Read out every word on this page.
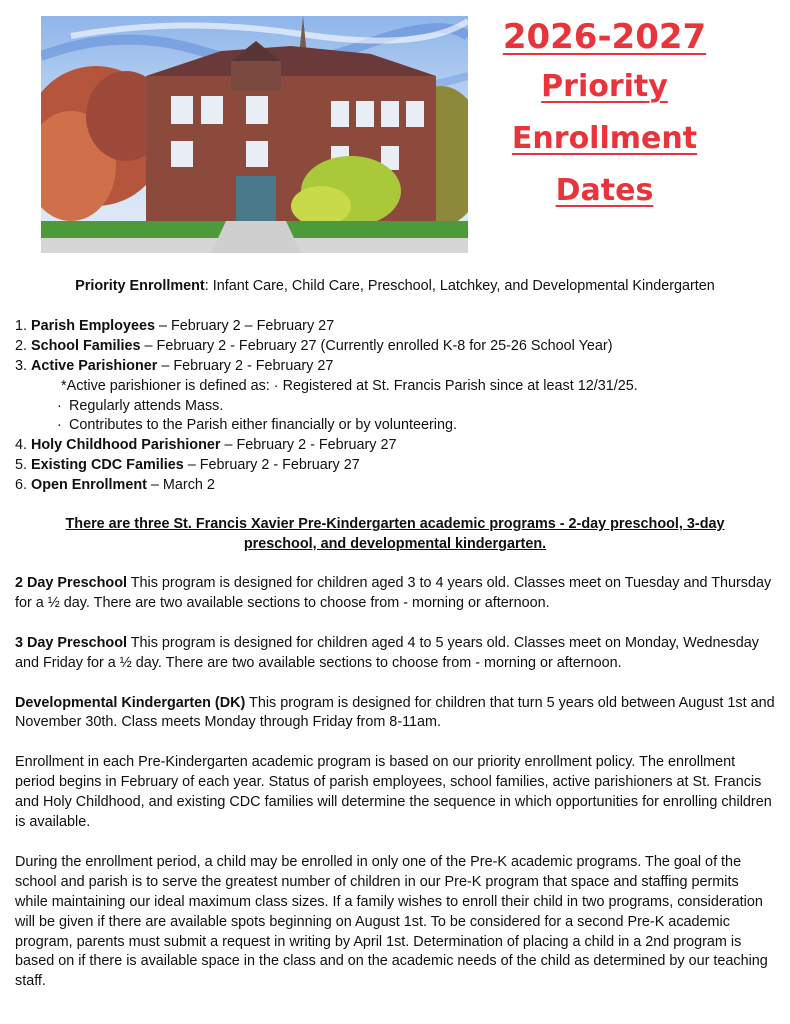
2026-2027
Priority
Enrollment
Dates

Priority Enrollment: Infant Care, Child Care, Preschool, Latchkey, and Developmental Kindergarten

1. Parish Employees – February 2 – February 27
2. School Families – February 2 - February 27 (Currently enrolled K-8 for 25-26 School Year)
3. Active Parishioner – February 2 - February 27
*Active parishioner is defined as: · Registered at St. Francis Parish since at least 12/31/25.
· Regularly attends Mass.
· Contributes to the Parish either financially or by volunteering.
4. Holy Childhood Parishioner – February 2 - February 27
5. Existing CDC Families – February 2 - February 27
6. Open Enrollment – March 2

There are three St. Francis Xavier Pre-Kindergarten academic programs - 2-day preschool, 3-day preschool, and developmental kindergarten.

2 Day Preschool This program is designed for children aged 3 to 4 years old. Classes meet on Tuesday and Thursday for a ½ day. There are two available sections to choose from - morning or afternoon.

3 Day Preschool This program is designed for children aged 4 to 5 years old. Classes meet on Monday, Wednesday and Friday for a ½ day. There are two available sections to choose from - morning or afternoon.

Developmental Kindergarten (DK) This program is designed for children that turn 5 years old between August 1st and November 30th. Class meets Monday through Friday from 8-11am.

Enrollment in each Pre-Kindergarten academic program is based on our priority enrollment policy. The enrollment period begins in February of each year. Status of parish employees, school families, active parishioners at St. Francis and Holy Childhood, and existing CDC families will determine the sequence in which opportunities for enrolling children is available.

During the enrollment period, a child may be enrolled in only one of the Pre-K academic programs. The goal of the school and parish is to serve the greatest number of children in our Pre-K program that space and staffing permits while maintaining our ideal maximum class sizes. If a family wishes to enroll their child in two programs, consideration will be given if there are available spots beginning on August 1st. To be considered for a second Pre-K academic program, parents must submit a request in writing by April 1st. Determination of placing a child in a 2nd program is based on if there is available space in the class and on the academic needs of the child as determined by our teaching staff.
